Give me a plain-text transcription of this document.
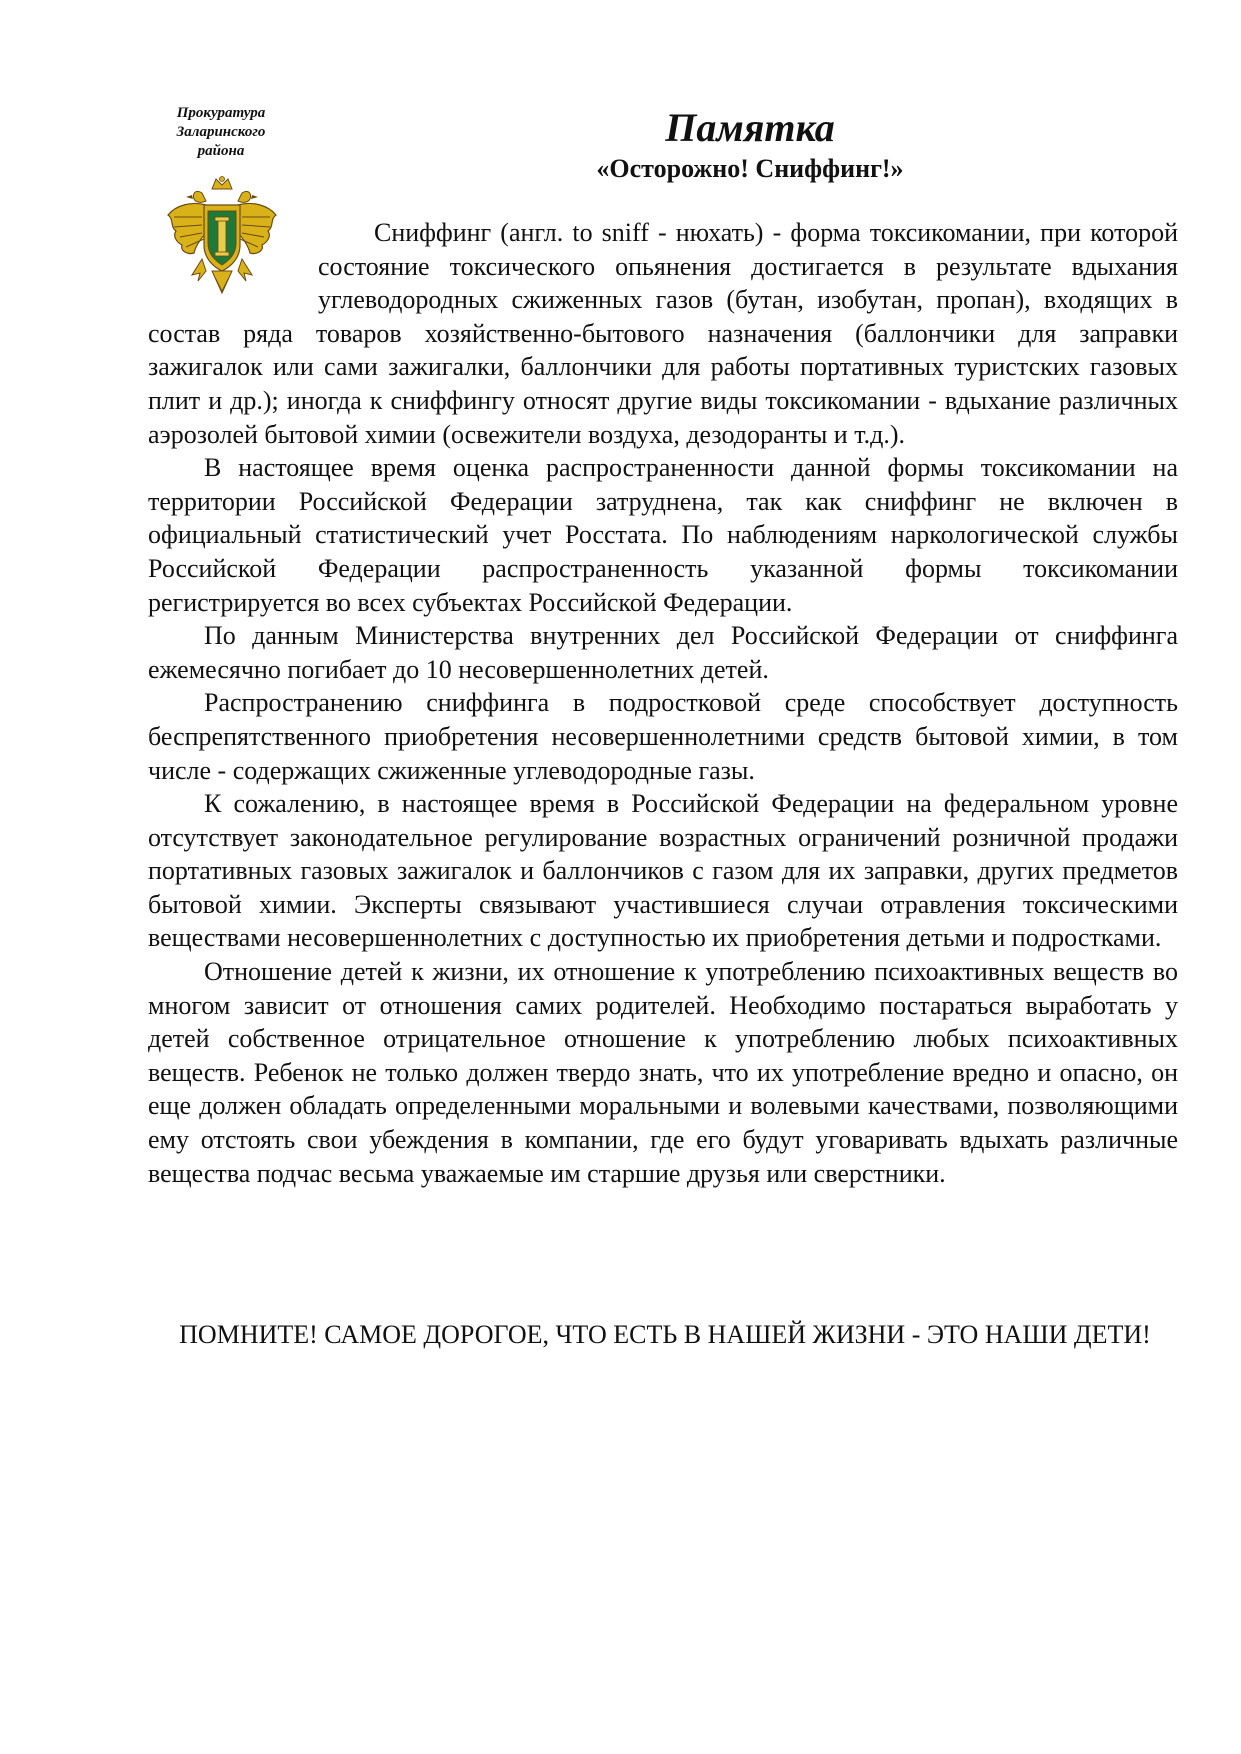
Прокуратура
Заларинского
района
Памятка
«Осторожно! Сниффинг!»

Сниффинг (англ. to sniff - нюхать) - форма токсикомании, при которой состояние токсического опьянения достигается в результате вдыхания углеводородных сжиженных газов (бутан, изобутан, пропан), входящих в состав ряда товаров хозяйственно-бытового назначения (баллончики для заправки зажигалок или сами зажигалки, баллончики для работы портативных туристских газовых плит и др.); иногда к сниффингу относят другие виды токсикомании - вдыхание различных аэрозолей бытовой химии (освежители воздуха, дезодоранты и т.д.).

В настоящее время оценка распространенности данной формы токсикомании на территории Российской Федерации затруднена, так как сниффинг не включен в официальный статистический учет Росстата. По наблюдениям наркологической службы Российской Федерации распространенность указанной формы токсикомании регистрируется во всех субъектах Российской Федерации.

По данным Министерства внутренних дел Российской Федерации от сниффинга ежемесячно погибает до 10 несовершеннолетних детей.

Распространению сниффинга в подростковой среде способствует доступность беспрепятственного приобретения несовершеннолетними средств бытовой химии, в том числе - содержащих сжиженные углеводородные газы.

К сожалению, в настоящее время в Российской Федерации на федеральном уровне отсутствует законодательное регулирование возрастных ограничений розничной продажи портативных газовых зажигалок и баллончиков с газом для их заправки, других предметов бытовой химии. Эксперты связывают участившиеся случаи отравления токсическими веществами несовершеннолетних с доступностью их приобретения детьми и подростками.

Отношение детей к жизни, их отношение к употреблению психоактивных веществ во многом зависит от отношения самих родителей. Необходимо постараться выработать у детей собственное отрицательное отношение к употреблению любых психоактивных веществ. Ребенок не только должен твердо знать, что их употребление вредно и опасно, он еще должен обладать определенными моральными и волевыми качествами, позволяющими ему отстоять свои убеждения в компании, где его будут уговаривать вдыхать различные вещества подчас весьма уважаемые им старшие друзья или сверстники.

ПОМНИТЕ! САМОЕ ДОРОГОЕ, ЧТО ЕСТЬ В НАШЕЙ ЖИЗНИ - ЭТО НАШИ ДЕТИ!
